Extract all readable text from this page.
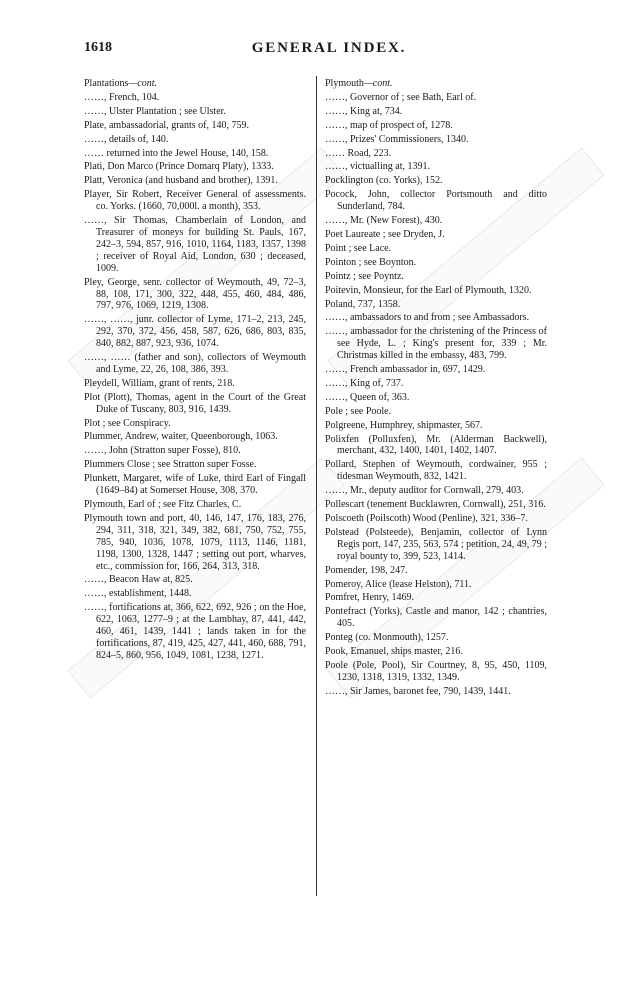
1618	GENERAL INDEX.

Plantations—cont.

……, French, 104.

……, Ulster Plantation ; see Ulster.

Plate, ambassadorial, grants of, 140, 759.

……, details of, 140.

…… returned into the Jewel House, 140, 158.

Plati, Don Marco (Prince Domarq Platy), 1333.

Platt, Veronica (and husband and brother), 1391.

Player, Sir Robert, Receiver General of assessments. co. Yorks. (1660, 70,000l. a month), 353.

……, Sir Thomas, Chamberlain of London, and Treasurer of moneys for building St. Pauls, 167, 242–3, 594, 857, 916, 1010, 1164, 1183, 1357, 1398 ; receiver of Royal Aid, London, 630 ; deceased, 1009.

Pley, George, senr. collector of Weymouth, 49, 72–3, 88, 108, 171, 300, 322, 448, 455, 460, 484, 486, 797, 976, 1069, 1219, 1308.

……, ……, junr. collector of Lyme, 171–2, 213, 245, 292, 370, 372, 456, 458, 587, 626, 686, 803, 835, 840, 882, 887, 923, 936, 1074.

……, …… (father and son), collectors of Weymouth and Lyme, 22, 26, 108, 386, 393.

Pleydell, William, grant of rents, 218.

Plot (Plott), Thomas, agent in the Court of the Great Duke of Tuscany, 803, 916, 1439.

Plot ; see Conspiracy.

Plummer, Andrew, waiter, Queenborough, 1063.

……, John (Stratton super Fosse), 810.

Plummers Close ; see Stratton super Fosse.

Plunkett, Margaret, wife of Luke, third Earl of Fingall (1649–84) at Somerset House, 308, 370.

Plymouth, Earl of ; see Fitz Charles, C.

Plymouth town and port, 40, 146, 147, 176, 183, 276, 294, 311, 318, 321, 349, 382, 681, 750, 752, 755, 785, 940, 1036, 1078, 1079, 1113, 1146, 1181, 1198, 1300, 1328, 1447 ; setting out port, wharves, etc., commission for, 166, 264, 313, 318.

……, Beacon Haw at, 825.

……, establishment, 1448.

……, fortifications at, 366, 622, 692, 926 ; on the Hoe, 622, 1063, 1277–9 ; at the Lambhay, 87, 441, 442, 460, 461, 1439, 1441 ; lands taken in for the fortifications, 87, 419, 425, 427, 441, 460, 688, 791, 824–5, 860, 956, 1049, 1081, 1238, 1271.

Plymouth—cont.

……, Governor of ; see Bath, Earl of.

……, King at, 734.

……, map of prospect of, 1278.

……, Prizes' Commissioners, 1340.

…… Road, 223.

……, victualling at, 1391.

Pocklington (co. Yorks), 152.

Pocock, John, collector Portsmouth and ditto Sunderland, 784.

……, Mr. (New Forest), 430.

Poet Laureate ; see Dryden, J.

Point ; see Lace.

Pointon ; see Boynton.

Pointz ; see Poyntz.

Poitevin, Monsieur, for the Earl of Plymouth, 1320.

Poland, 737, 1358.

……, ambassadors to and from ; see Ambassadors.

……, ambassador for the christening of the Princess of see Hyde, L. ; King's present for, 339 ; Mr. Christmas killed in the embassy, 483, 799.

……, French ambassador in, 697, 1429.

……, King of, 737.

……, Queen of, 363.

Pole ; see Poole.

Polgreene, Humphrey, shipmaster, 567.

Polixfen (Polluxfen), Mr. (Alderman Backwell), merchant, 432, 1400, 1401, 1402, 1407.

Pollard, Stephen of Weymouth, cordwainer, 955 ; tidesman Weymouth, 832, 1421.

……, Mr., deputy auditor for Cornwall, 279, 403.

Pollescart (tenement Bucklawren, Cornwall), 251, 316.

Polscoeth (Poilscoth) Wood (Penline), 321, 336–7.

Polstead (Polsteede), Benjamin, collector of Lynn Regis port, 147, 235, 563, 574 ; petition, 24, 49, 79 ; royal bounty to, 399, 523, 1414.

Pomender, 198, 247.

Pomeroy, Alice (lease Helston), 711.

Pomfret, Henry, 1469.

Pontefract (Yorks), Castle and manor, 142 ; chantries, 405.

Ponteg (co. Monmouth), 1257.

Pook, Emanuel, ships master, 216.

Poole (Pole, Pool), Sir Courtney, 8, 95, 450, 1109, 1230, 1318, 1319, 1332, 1349.

……, Sir James, baronet fee, 790, 1439, 1441.
